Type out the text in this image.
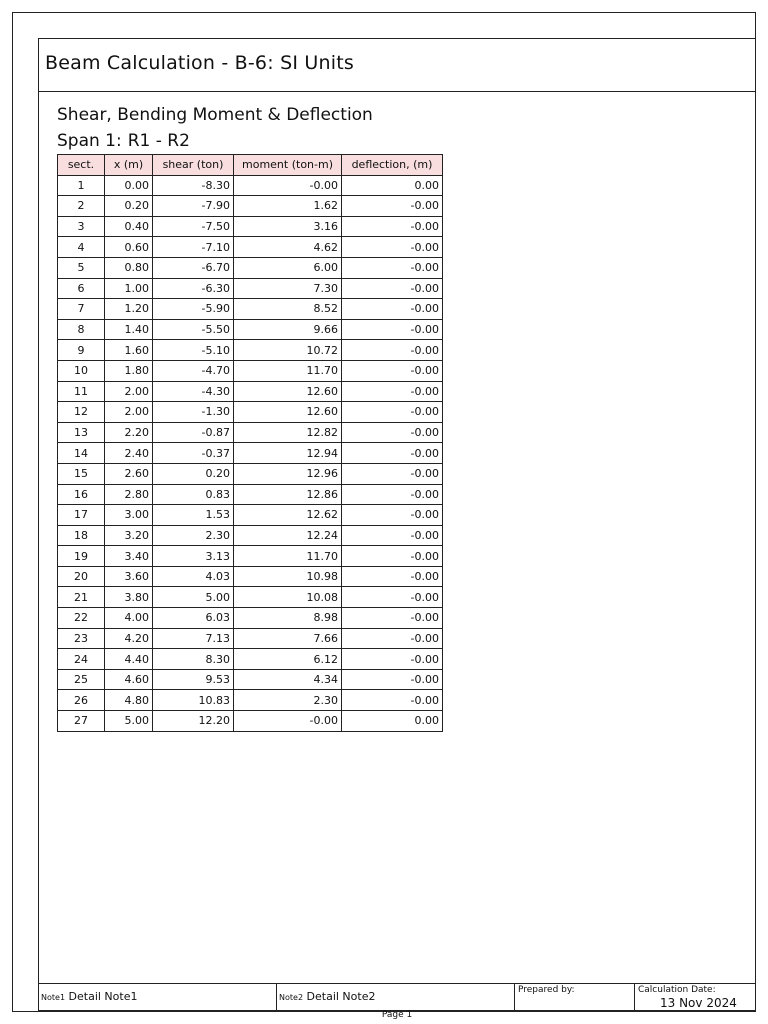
Beam Calculation - B-6: SI Units
Shear, Bending Moment & Deflection
Span 1: R1 - R2
sect.	x (m)	shear (ton)	moment (ton-m)	deflection, (m)
1	0.00	-8.30	-0.00	0.00
2	0.20	-7.90	1.62	-0.00
3	0.40	-7.50	3.16	-0.00
4	0.60	-7.10	4.62	-0.00
5	0.80	-6.70	6.00	-0.00
6	1.00	-6.30	7.30	-0.00
7	1.20	-5.90	8.52	-0.00
8	1.40	-5.50	9.66	-0.00
9	1.60	-5.10	10.72	-0.00
10	1.80	-4.70	11.70	-0.00
11	2.00	-4.30	12.60	-0.00
12	2.00	-1.30	12.60	-0.00
13	2.20	-0.87	12.82	-0.00
14	2.40	-0.37	12.94	-0.00
15	2.60	0.20	12.96	-0.00
16	2.80	0.83	12.86	-0.00
17	3.00	1.53	12.62	-0.00
18	3.20	2.30	12.24	-0.00
19	3.40	3.13	11.70	-0.00
20	3.60	4.03	10.98	-0.00
21	3.80	5.00	10.08	-0.00
22	4.00	6.03	8.98	-0.00
23	4.20	7.13	7.66	-0.00
24	4.40	8.30	6.12	-0.00
25	4.60	9.53	4.34	-0.00
26	4.80	10.83	2.30	-0.00
27	5.00	12.20	-0.00	0.00
Note1 Detail Note1	Note2 Detail Note2	Prepared by:	Calculation Date:
13 Nov 2024
Page 1
